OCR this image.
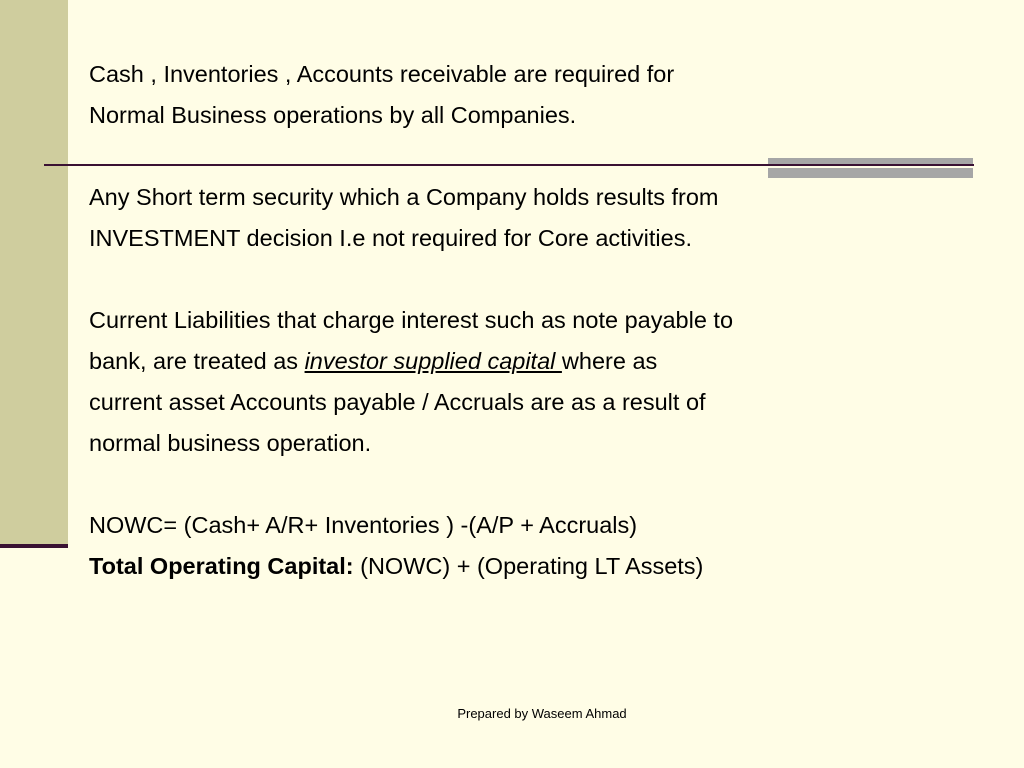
Cash , Inventories , Accounts receivable are required for
Normal Business operations by all Companies.
Any Short term security which a Company holds results from
INVESTMENT decision I.e not required for Core activities.
Current Liabilities that charge interest such as note payable to
bank, are treated as investor supplied capital where as
current asset Accounts payable / Accruals are as a result of
normal business operation.
NOWC= (Cash+ A/R+ Inventories ) -(A/P + Accruals)
Total Operating Capital: (NOWC) + (Operating LT Assets)
Prepared by Waseem Ahmad
